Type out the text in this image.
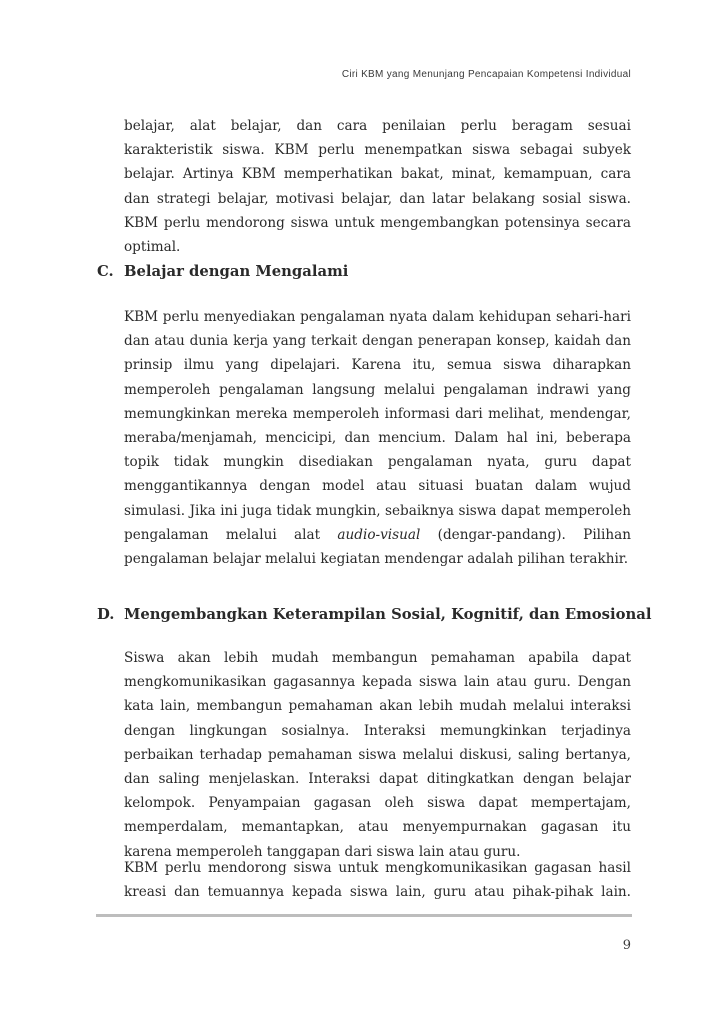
Ciri KBM yang Menunjang Pencapaian Kompetensi Individual

belajar, alat belajar, dan cara penilaian perlu beragam sesuai karakteristik siswa. KBM perlu menempatkan siswa sebagai subyek belajar. Artinya KBM memperhatikan bakat, minat, kemampuan, cara dan strategi belajar, motivasi belajar, dan latar belakang sosial siswa. KBM perlu mendorong siswa untuk mengembangkan potensinya secara optimal.

C. Belajar dengan Mengalami

KBM perlu menyediakan pengalaman nyata dalam kehidupan sehari-hari dan atau dunia kerja yang terkait dengan penerapan konsep, kaidah dan prinsip ilmu yang dipelajari. Karena itu, semua siswa diharapkan memperoleh pengalaman langsung melalui pengalaman indrawi yang memungkinkan mereka memperoleh informasi dari melihat, mendengar, meraba/menjamah, mencicipi, dan mencium. Dalam hal ini, beberapa topik tidak mungkin disediakan pengalaman nyata, guru dapat menggantikannya dengan model atau situasi buatan dalam wujud simulasi. Jika ini juga tidak mungkin, sebaiknya siswa dapat memperoleh pengalaman melalui alat audio-visual (dengar-pandang). Pilihan pengalaman belajar melalui kegiatan mendengar adalah pilihan terakhir.

D. Mengembangkan Keterampilan Sosial, Kognitif, dan Emosional

Siswa akan lebih mudah membangun pemahaman apabila dapat mengkomunikasikan gagasannya kepada siswa lain atau guru. Dengan kata lain, membangun pemahaman akan lebih mudah melalui interaksi dengan lingkungan sosialnya. Interaksi memungkinkan terjadinya perbaikan terhadap pemahaman siswa melalui diskusi, saling bertanya, dan saling menjelaskan. Interaksi dapat ditingkatkan dengan belajar kelompok. Penyampaian gagasan oleh siswa dapat mempertajam, memperdalam, memantapkan, atau menyempurnakan gagasan itu karena memperoleh tanggapan dari siswa lain atau guru.

KBM perlu mendorong siswa untuk mengkomunikasikan gagasan hasil kreasi dan temuannya kepada siswa lain, guru atau pihak-pihak lain.

9
